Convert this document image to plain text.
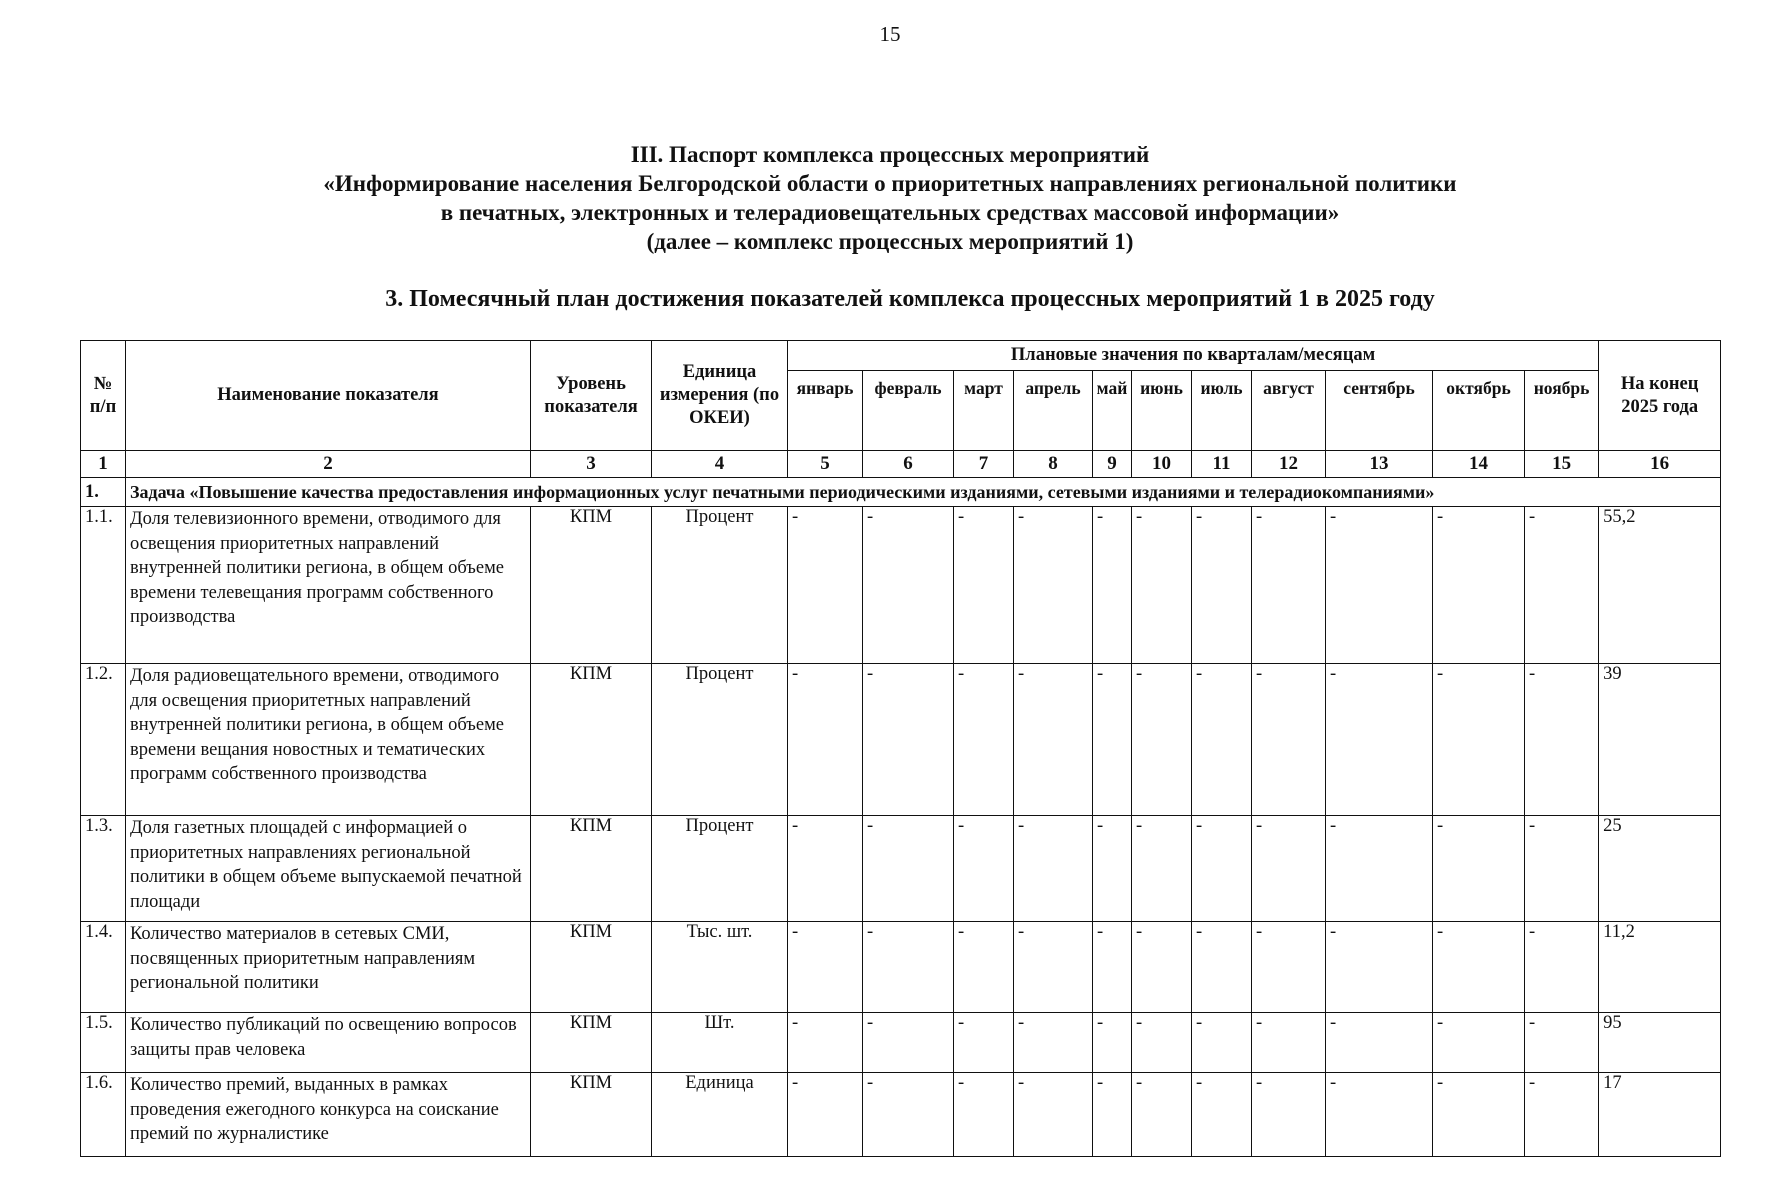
15
III. Паспорт комплекса процессных мероприятий
«Информирование населения Белгородской области о приоритетных направлениях региональной политики
в печатных, электронных и телерадиовещательных средствах массовой информации»
(далее – комплекс процессных мероприятий 1)
3. Помесячный план достижения показателей комплекса процессных мероприятий 1 в 2025 году
№ п/п	Наименование показателя	Уровень показателя	Единица измерения (по ОКЕИ)	Плановые значения по кварталам/месяцам											На конец 2025 года
				январь	февраль	март	апрель	май	июнь	июль	август	сентябрь	октябрь	ноябрь	
1	2	3	4	5	6	7	8	9	10	11	12	13	14	15	16
1.	Задача «Повышение качества предоставления информационных услуг печатными периодическими изданиями, сетевыми изданиями и телерадиокомпаниями»														
1.1.	Доля телевизионного времени, отводимого для освещения приоритетных направлений внутренней политики региона, в общем объеме времени телевещания программ собственного производства	КПМ	Процент	-	-	-	-	-	-	-	-	-	-	-	55,2
1.2.	Доля радиовещательного времени, отводимого для освещения приоритетных направлений внутренней политики региона, в общем объеме времени вещания новостных и тематических программ собственного производства	КПМ	Процент	-	-	-	-	-	-	-	-	-	-	-	39
1.3.	Доля газетных площадей с информацией о приоритетных направлениях региональной политики в общем объеме выпускаемой печатной площади	КПМ	Процент	-	-	-	-	-	-	-	-	-	-	-	25
1.4.	Количество материалов в сетевых СМИ, посвященных приоритетным направлениям региональной политики	КПМ	Тыс. шт.	-	-	-	-	-	-	-	-	-	-	-	11,2
1.5.	Количество публикаций по освещению вопросов защиты прав человека	КПМ	Шт.	-	-	-	-	-	-	-	-	-	-	-	95
1.6.	Количество премий, выданных в рамках проведения ежегодного конкурса на соискание премий по журналистике	КПМ	Единица	-	-	-	-	-	-	-	-	-	-	-	17
